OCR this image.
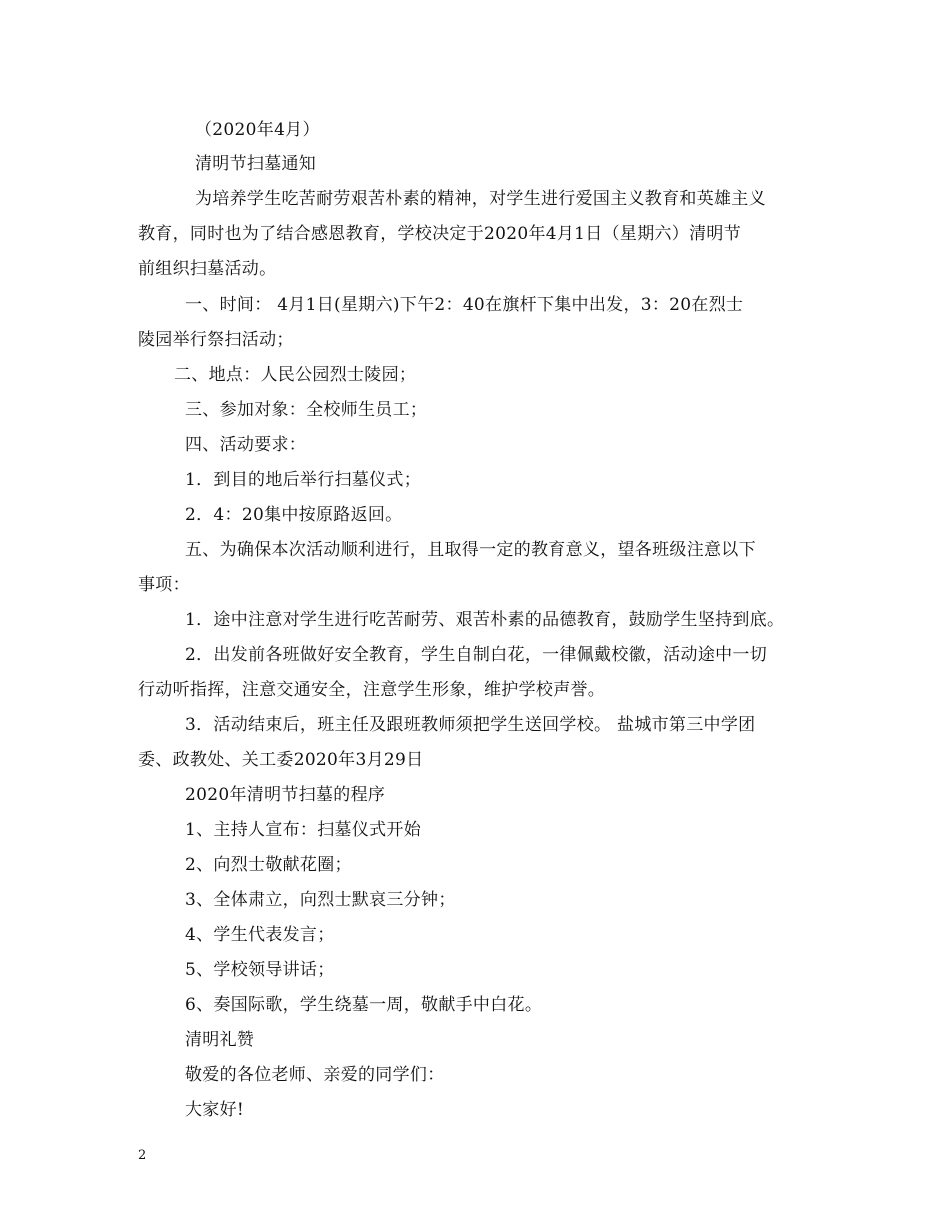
（2020年4月）
清明节扫墓通知
为培养学生吃苦耐劳艰苦朴素的精神，对学生进行爱国主义教育和英雄主义
教育，同时也为了结合感恩教育，学校决定于2020年4月1日（星期六）清明节
前组织扫墓活动。
一、时间： 4月1日(星期六)下午2：40在旗杆下集中出发，3：20在烈士
陵园举行祭扫活动；
二、地点：人民公园烈士陵园；
三、参加对象：全校师生员工；
四、活动要求：
1．到目的地后举行扫墓仪式；
2．4：20集中按原路返回。
五、为确保本次活动顺利进行，且取得一定的教育意义，望各班级注意以下
事项：
1．途中注意对学生进行吃苦耐劳、艰苦朴素的品德教育，鼓励学生坚持到底。
2．出发前各班做好安全教育，学生自制白花，一律佩戴校徽，活动途中一切
行动听指挥，注意交通安全，注意学生形象，维护学校声誉。
3．活动结束后，班主任及跟班教师须把学生送回学校。 盐城市第三中学团
委、政教处、关工委2020年3月29日
2020年清明节扫墓的程序
1、主持人宣布：扫墓仪式开始
2、向烈士敬献花圈；
3、全体肃立，向烈士默哀三分钟；
4、学生代表发言；
5、学校领导讲话；
6、奏国际歌，学生绕墓一周，敬献手中白花。
清明礼赞
敬爱的各位老师、亲爱的同学们：
大家好!
2
